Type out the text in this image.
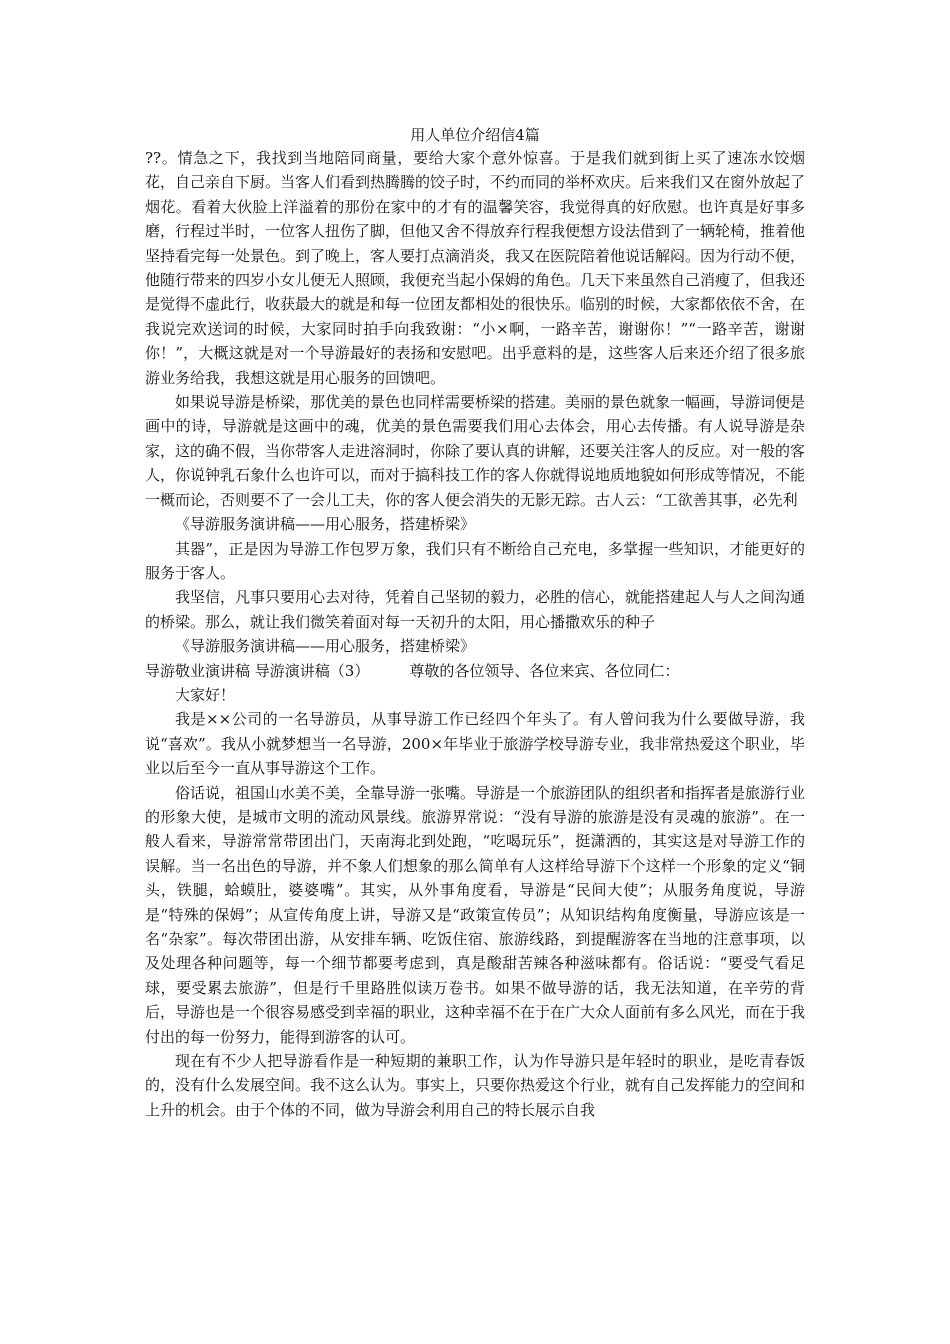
用人单位介绍信4篇

??。情急之下，我找到当地陪同商量，要给大家个意外惊喜。于是我们就到街上买了速冻水饺烟花，自己亲自下厨。当客人们看到热腾腾的饺子时，不约而同的举杯欢庆。后来我们又在窗外放起了烟花。看着大伙脸上洋溢着的那份在家中的才有的温馨笑容，我觉得真的好欣慰。也许真是好事多磨，行程过半时，一位客人扭伤了脚，但他又舍不得放弃行程我便想方设法借到了一辆轮椅，推着他坚持看完每一处景色。到了晚上，客人要打点滴消炎，我又在医院陪着他说话解闷。因为行动不便，他随行带来的四岁小女儿便无人照顾，我便充当起小保姆的角色。几天下来虽然自己消瘦了，但我还是觉得不虚此行，收获最大的就是和每一位团友都相处的很快乐。临别的时候，大家都依依不舍，在我说完欢送词的时候，大家同时拍手向我致谢：“小×啊，一路辛苦，谢谢你！”“一路辛苦，谢谢你！”，大概这就是对一个导游最好的表扬和安慰吧。出乎意料的是，这些客人后来还介绍了很多旅游业务给我，我想这就是用心服务的回馈吧。

如果说导游是桥梁，那优美的景色也同样需要桥梁的搭建。美丽的景色就象一幅画，导游词便是画中的诗，导游就是这画中的魂，优美的景色需要我们用心去体会，用心去传播。有人说导游是杂家，这的确不假，当你带客人走进溶洞时，你除了要认真的讲解，还要关注客人的反应。对一般的客人，你说钟乳石象什么也许可以，而对于搞科技工作的客人你就得说地质地貌如何形成等情况，不能一概而论，否则要不了一会儿工夫，你的客人便会消失的无影无踪。古人云：“工欲善其事，必先利

《导游服务演讲稿——用心服务，搭建桥梁》

其器”，正是因为导游工作包罗万象，我们只有不断给自己充电，多掌握一些知识，才能更好的服务于客人。

我坚信，凡事只要用心去对待，凭着自己坚韧的毅力，必胜的信心，就能搭建起人与人之间沟通的桥梁。那么，就让我们微笑着面对每一天初升的太阳，用心播撒欢乐的种子

《导游服务演讲稿——用心服务，搭建桥梁》

导游敬业演讲稿 导游演讲稿（3）	尊敬的各位领导、各位来宾、各位同仁：

大家好！

我是××公司的一名导游员，从事导游工作已经四个年头了。有人曾问我为什么要做导游，我说“喜欢”。我从小就梦想当一名导游，200×年毕业于旅游学校导游专业，我非常热爱这个职业，毕业以后至今一直从事导游这个工作。

俗话说，祖国山水美不美，全靠导游一张嘴。导游是一个旅游团队的组织者和指挥者是旅游行业的形象大使，是城市文明的流动风景线。旅游界常说：“没有导游的旅游是没有灵魂的旅游”。在一般人看来，导游常常带团出门，天南海北到处跑，“吃喝玩乐”，挺潇洒的，其实这是对导游工作的误解。当一名出色的导游，并不象人们想象的那么简单有人这样给导游下个这样一个形象的定义“铜头，铁腿，蛤蟆肚，婆婆嘴”。其实，从外事角度看，导游是“民间大使”；从服务角度说，导游是“特殊的保姆”；从宣传角度上讲，导游又是“政策宣传员”；从知识结构角度衡量，导游应该是一名“杂家”。每次带团出游，从安排车辆、吃饭住宿、旅游线路，到提醒游客在当地的注意事项，以及处理各种问题等，每一个细节都要考虑到，真是酸甜苦辣各种滋味都有。俗话说：“要受气看足球，要受累去旅游”，但是行千里路胜似读万卷书。如果不做导游的话，我无法知道，在辛劳的背后，导游也是一个很容易感受到幸福的职业，这种幸福不在于在广大众人面前有多么风光，而在于我付出的每一份努力，能得到游客的认可。

现在有不少人把导游看作是一种短期的兼职工作，认为作导游只是年轻时的职业，是吃青春饭的，没有什么发展空间。我不这么认为。事实上，只要你热爱这个行业，就有自己发挥能力的空间和上升的机会。由于个体的不同，做为导游会利用自己的特长展示自我
